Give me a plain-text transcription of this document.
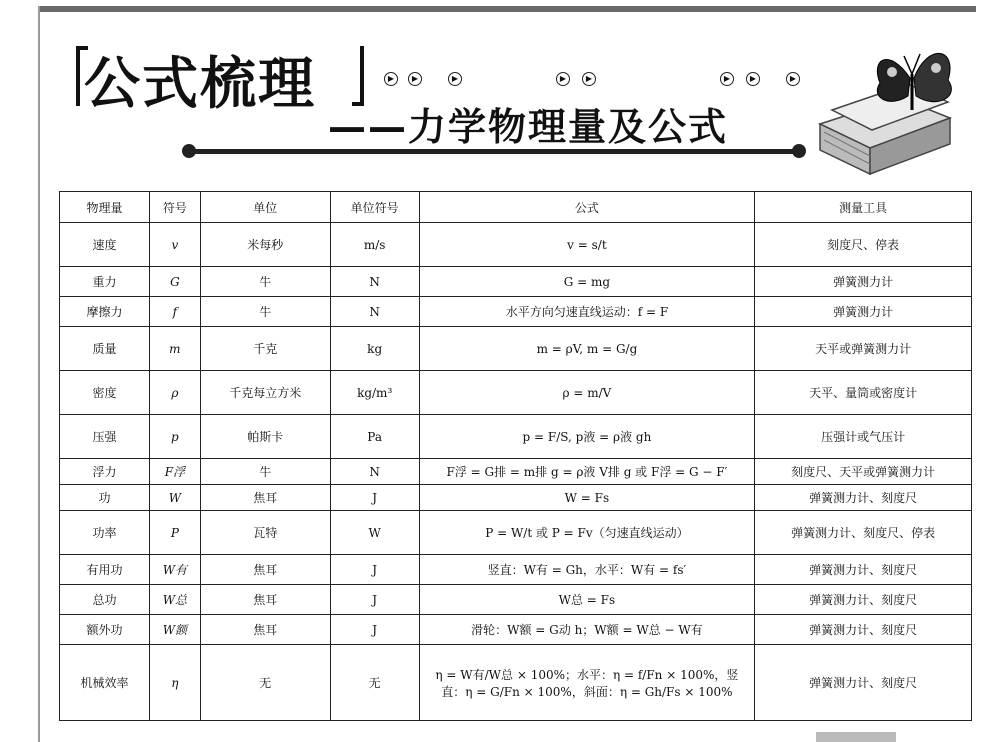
公式梳理	▶	▶	▶	▶	▶	▶	▶	▶
——力学物理量及公式
物理量	符号	单位	单位符号	公式	测量工具
速度	v	米每秒	m/s	v = s/t	刻度尺、停表
重力	G	牛	N	G = mg	弹簧测力计
摩擦力	f	牛	N	水平方向匀速直线运动：f = F	弹簧测力计
质量	m	千克	kg	m = ρV, m = G/g	天平或弹簧测力计
密度	ρ	千克每立方米	kg/m³	ρ = m/V	天平、量筒或密度计
压强	p	帕斯卡	Pa	p = F/S, p液 = ρ液 gh	压强计或气压计
浮力	F浮	牛	N	F浮 = G排 = m排 g = ρ液 V排 g 或 F浮 = G − F′	刻度尺、天平或弹簧测力计
功	W	焦耳	J	W = Fs	弹簧测力计、刻度尺
功率	P	瓦特	W	P = W/t 或 P = Fv（匀速直线运动）	弹簧测力计、刻度尺、停表
有用功	W有	焦耳	J	竖直：W有 = Gh，水平：W有 = fs′	弹簧测力计、刻度尺
总功	W总	焦耳	J	W总 = Fs	弹簧测力计、刻度尺
额外功	W额	焦耳	J	滑轮：W额 = G动 h；W额 = W总 − W有	弹簧测力计、刻度尺
机械效率	η	无	无	η = W有/W总 × 100%；水平：η = f/Fn × 100%，竖直：η = G/Fn × 100%，斜面：η = Gh/Fs × 100%	弹簧测力计、刻度尺
